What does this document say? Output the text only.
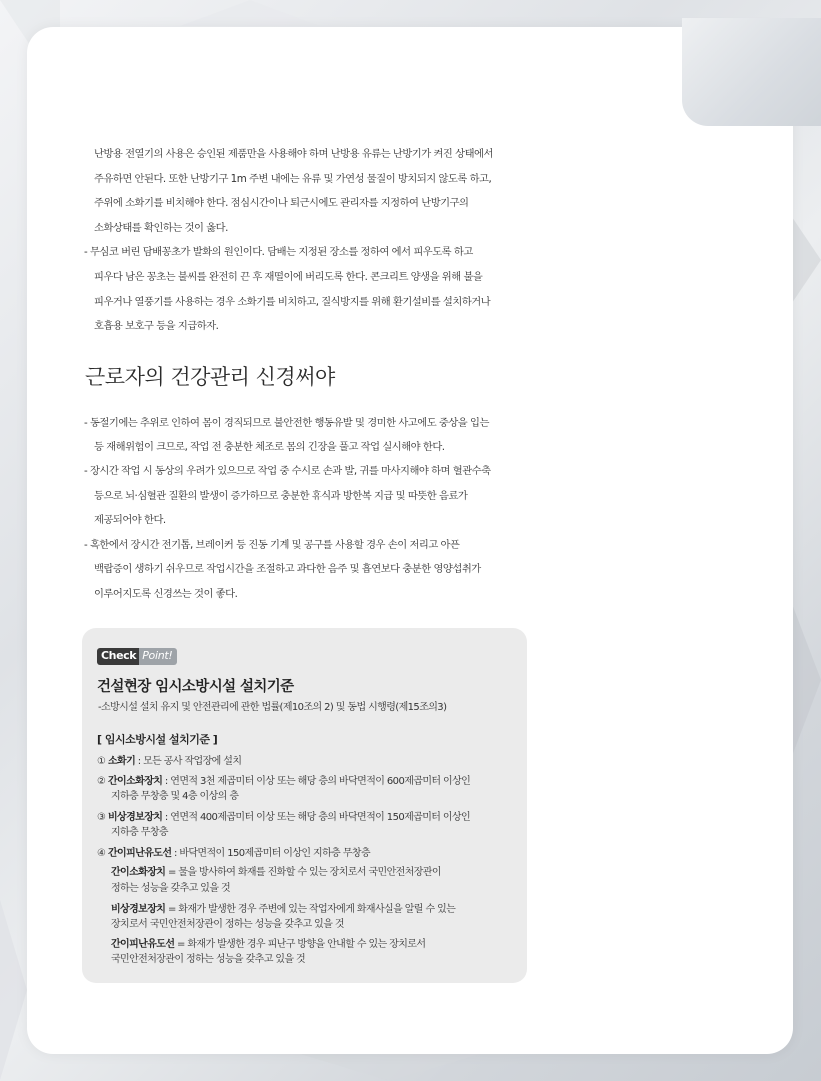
난방용 전열기의 사용은 승인된 제품만을 사용해야 하며 난방용 유류는 난방기가 켜진 상태에서

주유하면 안된다. 또한 난방기구 1m 주변 내에는 유류 및 가연성 물질이 방치되지 않도록 하고,

주위에 소화기를 비치해야 한다. 점심시간이나 퇴근시에도 관리자를 지정하여 난방기구의

소화상태를 확인하는 것이 옳다.

- 무심코 버린 담배꽁초가 발화의 원인이다. 담배는 지정된 장소를 정하여 에서 피우도록 하고

피우다 남은 꽁초는 불씨를 완전히 끈 후 재떨이에 버리도록 한다. 콘크리트 양생을 위해 불을

피우거나 열풍기를 사용하는 경우 소화기를 비치하고, 질식방지를 위해 환기설비를 설치하거나

호흡용 보호구 등을 지급하자.

근로자의 건강관리 신경써야

- 동절기에는 추위로 인하여 몸이 경직되므로 불안전한 행동유발 및 경미한 사고에도 중상을 입는

등 재해위험이 크므로, 작업 전 충분한 체조로 몸의 긴장을 풀고 작업 실시해야 한다.

- 장시간 작업 시 동상의 우려가 있으므로 작업 중 수시로 손과 발, 귀를 마사지해야 하며 혈관수축

등으로 뇌·심혈관 질환의 발생이 증가하므로 충분한 휴식과 방한복 지급 및 따뜻한 음료가

제공되어야 한다.

- 혹한에서 장시간 전기톱, 브레이커 등 진동 기계 및 공구를 사용할 경우 손이 저리고 아픈

백랍증이 생하기 쉬우므로 작업시간을 조절하고 과다한 음주 및 흡연보다 충분한 영양섭취가

이루어지도록 신경쓰는 것이 좋다.

Check Point!
건설현장 임시소방시설 설치기준
-소방시설 설치 유지 및 안전관리에 관한 법률(제10조의 2) 및 동법 시행령(제15조의3)
[ 임시소방시설 설치기준 ]
① 소화기 : 모든 공사 작업장에 설치
② 간이소화장치 : 연면적 3천 제곱미터 이상 또는 해당 층의 바닥면적이 600제곱미터 이상인
지하층 무창층 및 4층 이상의 층
③ 비상경보장치 : 연면적 400제곱미터 이상 또는 해당 층의 바닥면적이 150제곱미터 이상인
지하층 무창층
④ 간이피난유도선 : 바닥면적이 150제곱미터 이상인 지하층 무창층
간이소화장치 = 물을 방사하여 화재를 진화할 수 있는 장치로서 국민안전처장관이
정하는 성능을 갖추고 있을 것
비상경보장치 = 화재가 발생한 경우 주변에 있는 작업자에게 화재사실을 알릴 수 있는
장치로서 국민안전처장관이 정하는 성능을 갖추고 있을 것
간이피난유도선 = 화재가 발생한 경우 피난구 방향을 안내할 수 있는 장치로서
국민안전처장관이 정하는 성능을 갖추고 있을 것
